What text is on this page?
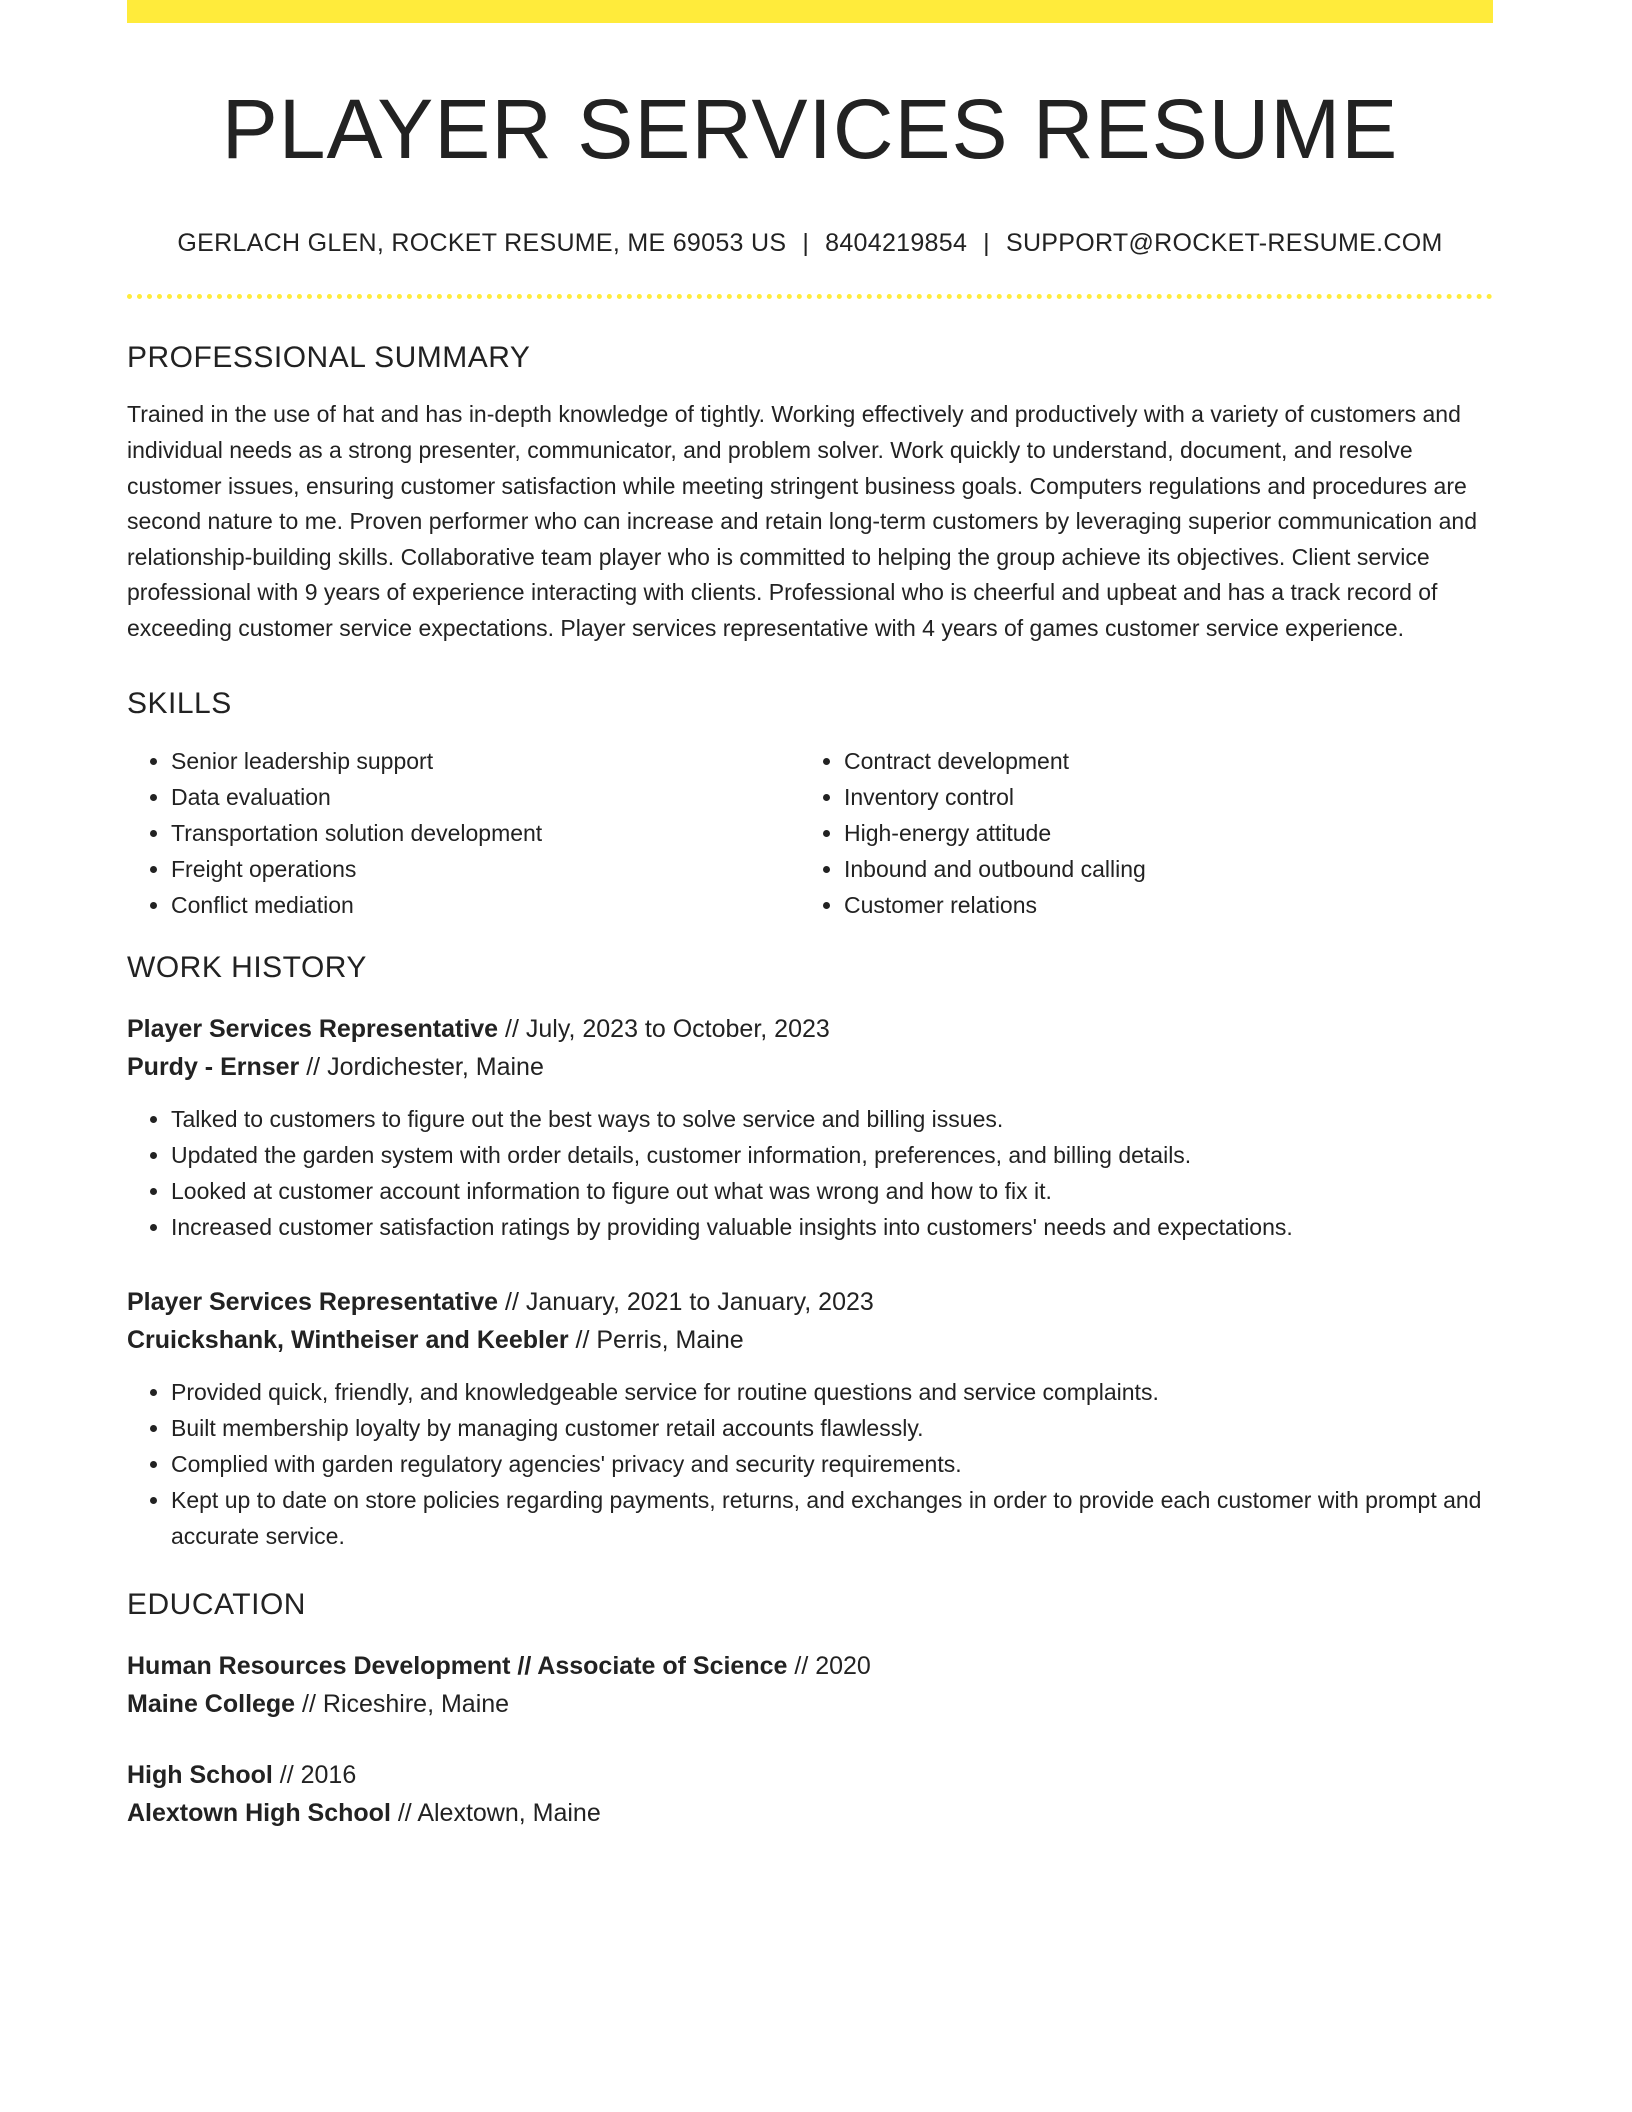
PLAYER SERVICES RESUME
GERLACH GLEN, ROCKET RESUME, ME 69053 US | 8404219854 | SUPPORT@ROCKET-RESUME.COM
PROFESSIONAL SUMMARY
Trained in the use of hat and has in-depth knowledge of tightly. Working effectively and productively with a variety of customers and individual needs as a strong presenter, communicator, and problem solver. Work quickly to understand, document, and resolve customer issues, ensuring customer satisfaction while meeting stringent business goals. Computers regulations and procedures are second nature to me. Proven performer who can increase and retain long-term customers by leveraging superior communication and relationship-building skills. Collaborative team player who is committed to helping the group achieve its objectives. Client service professional with 9 years of experience interacting with clients. Professional who is cheerful and upbeat and has a track record of exceeding customer service expectations. Player services representative with 4 years of games customer service experience.
SKILLS
• Senior leadership support
• Data evaluation
• Transportation solution development
• Freight operations
• Conflict mediation
• Contract development
• Inventory control
• High-energy attitude
• Inbound and outbound calling
• Customer relations
WORK HISTORY
Player Services Representative // July, 2023 to October, 2023
Purdy - Ernser // Jordichester, Maine
• Talked to customers to figure out the best ways to solve service and billing issues.
• Updated the garden system with order details, customer information, preferences, and billing details.
• Looked at customer account information to figure out what was wrong and how to fix it.
• Increased customer satisfaction ratings by providing valuable insights into customers' needs and expectations.
Player Services Representative // January, 2021 to January, 2023
Cruickshank, Wintheiser and Keebler // Perris, Maine
• Provided quick, friendly, and knowledgeable service for routine questions and service complaints.
• Built membership loyalty by managing customer retail accounts flawlessly.
• Complied with garden regulatory agencies' privacy and security requirements.
• Kept up to date on store policies regarding payments, returns, and exchanges in order to provide each customer with prompt and accurate service.
EDUCATION
Human Resources Development // Associate of Science // 2020
Maine College // Riceshire, Maine
High School // 2016
Alextown High School // Alextown, Maine
